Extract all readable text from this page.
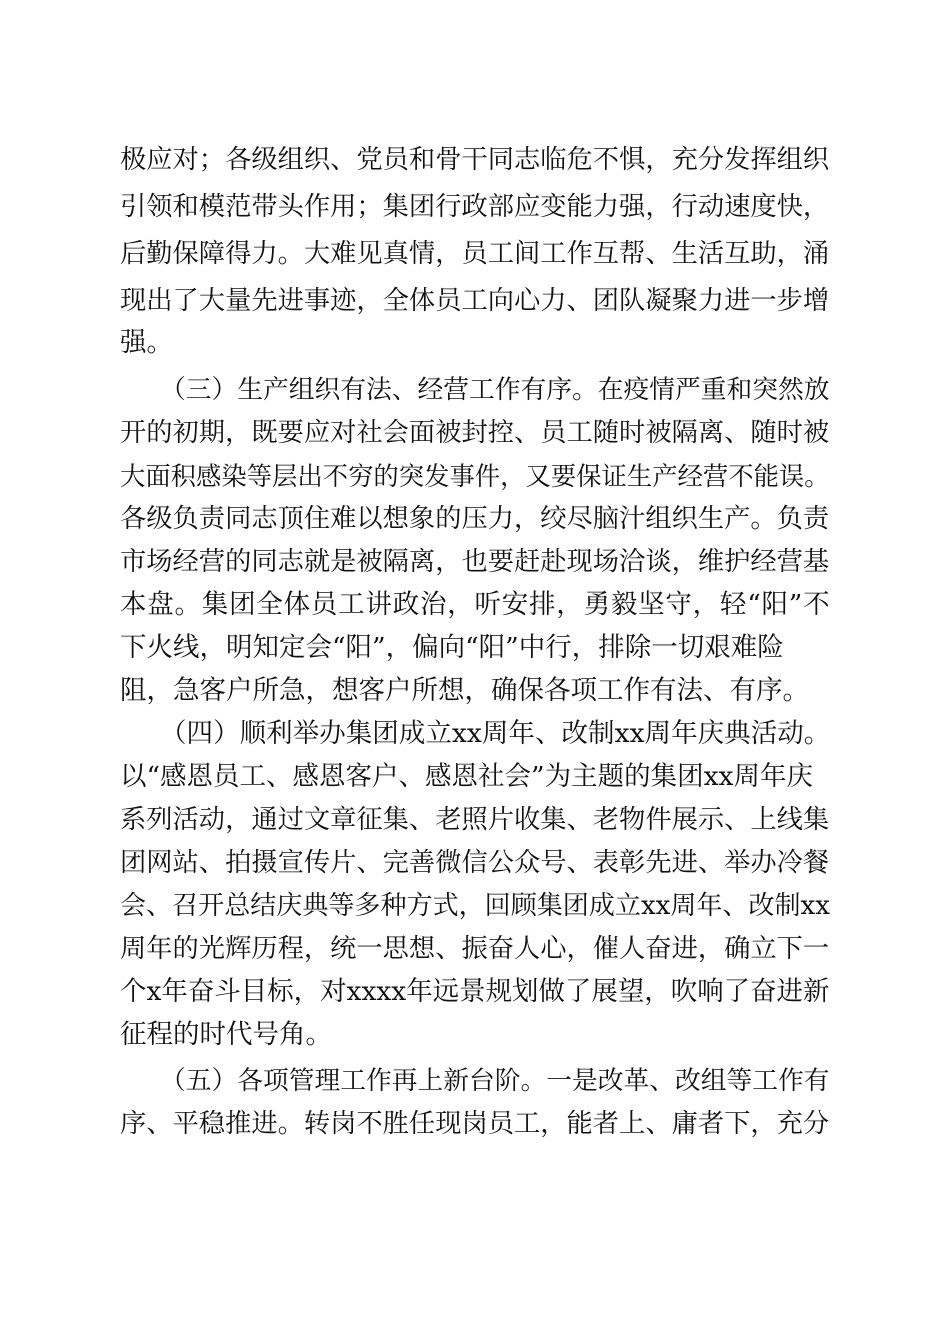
极应对；各级组织、党员和骨干同志临危不惧，充分发挥组织
引领和模范带头作用；集团行政部应变能力强，行动速度快，
后勤保障得力。大难见真情，员工间工作互帮、生活互助，涌
现出了大量先进事迹，全体员工向心力、团队凝聚力进一步增
强。
（三）生产组织有法、经营工作有序。在疫情严重和突然放
开的初期，既要应对社会面被封控、员工随时被隔离、随时被
大面积感染等层出不穷的突发事件，又要保证生产经营不能误。
各级负责同志顶住难以想象的压力，绞尽脑汁组织生产。负责
市场经营的同志就是被隔离，也要赶赴现场洽谈，维护经营基
本盘。集团全体员工讲政治，听安排，勇毅坚守，轻“阳”不
下火线，明知定会“阳”，偏向“阳”中行，排除一切艰难险
阻，急客户所急，想客户所想，确保各项工作有法、有序。
（四）顺利举办集团成立xx周年、改制xx周年庆典活动。
以“感恩员工、感恩客户、感恩社会”为主题的集团xx周年庆
系列活动，通过文章征集、老照片收集、老物件展示、上线集
团网站、拍摄宣传片、完善微信公众号、表彰先进、举办冷餐
会、召开总结庆典等多种方式，回顾集团成立xx周年、改制xx
周年的光辉历程，统一思想、振奋人心，催人奋进，确立下一
个x年奋斗目标，对xxxx年远景规划做了展望，吹响了奋进新
征程的时代号角。
（五）各项管理工作再上新台阶。一是改革、改组等工作有
序、平稳推进。转岗不胜任现岗员工，能者上、庸者下，充分
